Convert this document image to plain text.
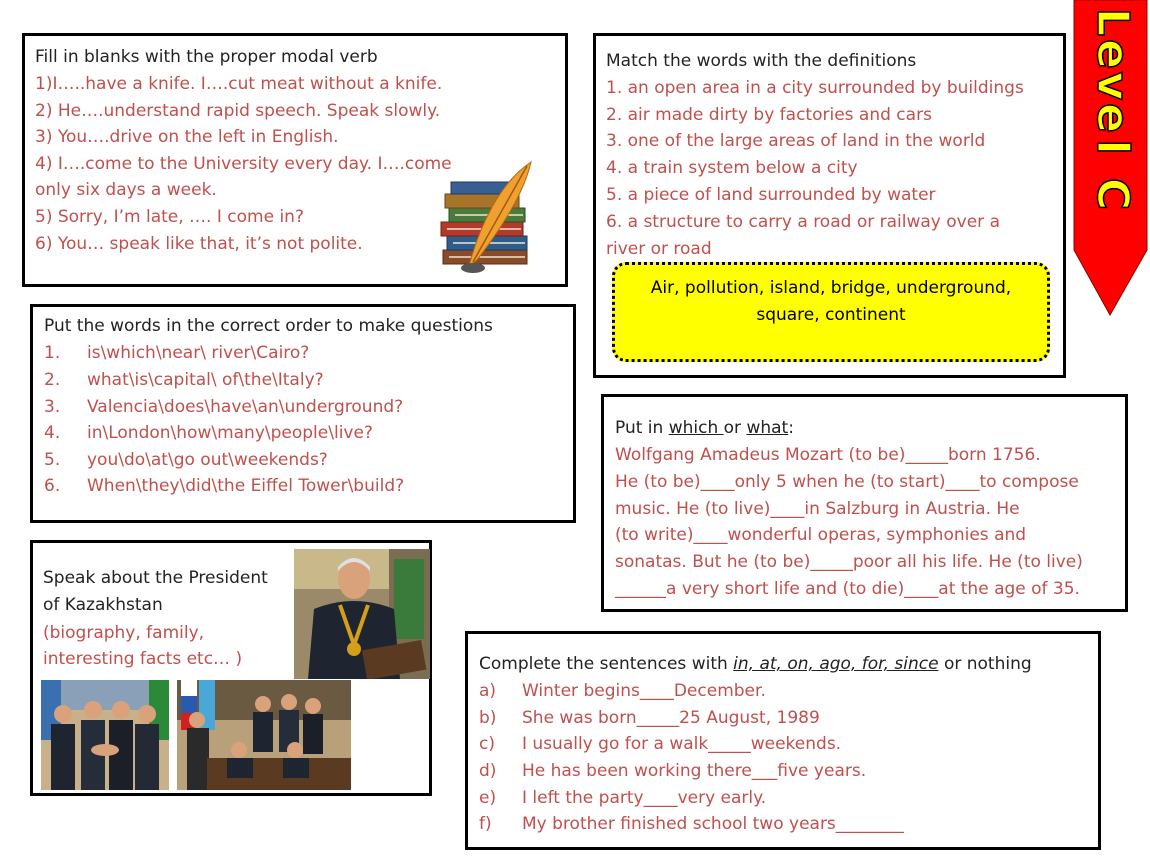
Fill in blanks with the proper modal verb
1)I…..have a knife. I….cut meat without a knife.
2) He….understand rapid speech. Speak slowly.
3) You….drive on the left in English.
4) I….come to the University every day. I….come
only six days a week.
5) Sorry, I’m late, …. I come in?
6) You… speak like that, it’s not polite.
Put the words in the correct order to make questions
1. is\which\near\ river\Cairo?
2. what\is\capital\ of\the\Italy?
3. Valencia\does\have\an\underground?
4. in\London\how\many\people\live?
5. you\do\at\go out\weekends?
6. When\they\did\the Eiffel Tower\build?
Speak about the President
of Kazakhstan
(biography, family,
interesting facts etc… )
Match the words with the definitions
1. an open area in a city surrounded by buildings
2. air made dirty by factories and cars
3. one of the large areas of land in the world
4. a train system below a city
5. a piece of land surrounded by water
6. a structure to carry a road or railway over a
river or road
Air, pollution, island, bridge, underground,
square, continent
L
e
v
e
l
C
Put in which or what:
Wolfgang Amadeus Mozart (to be)_____born 1756.
He (to be)____only 5 when he (to start)____to compose
music. He (to live)____in Salzburg in Austria. He
(to write)____wonderful operas, symphonies and
sonatas. But he (to be)_____poor all his life. He (to live)
______a very short life and (to die)____at the age of 35.
Complete the sentences with in, at, on, ago, for, since or nothing
a) Winter begins____December.
b) She was born_____25 August, 1989
c) I usually go for a walk_____weekends.
d) He has been working there___five years.
e) I left the party____very early.
f) My brother finished school two years________
